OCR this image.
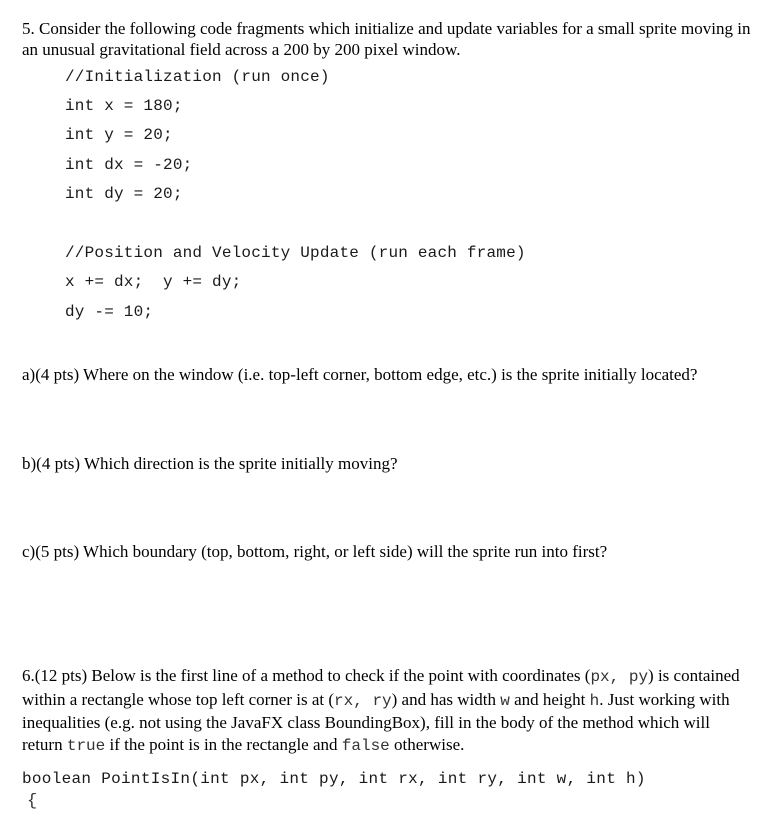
5. Consider the following code fragments which initialize and update variables for a small sprite moving in an unusual gravitational field across a 200 by 200 pixel window.
//Initialization (run once)
int x = 180;
int y = 20;
int dx = -20;
int dy = 20;
//Position and Velocity Update (run each frame)
x += dx;  y += dy;
dy -= 10;
a)(4 pts) Where on the window (i.e. top-left corner, bottom edge, etc.) is the sprite initially located?
b)(4 pts) Which direction is the sprite initially moving?
c)(5 pts) Which boundary (top, bottom, right, or left side) will the sprite run into first?
6.(12 pts) Below is the first line of a method to check if the point with coordinates (px, py) is contained within a rectangle whose top left corner is at (rx, ry) and has width w and height h. Just working with inequalities (e.g. not using the JavaFX class BoundingBox), fill in the body of the method which will return true if the point is in the rectangle and false otherwise.
boolean PointIsIn(int px, int py, int rx, int ry, int w, int h)
{
